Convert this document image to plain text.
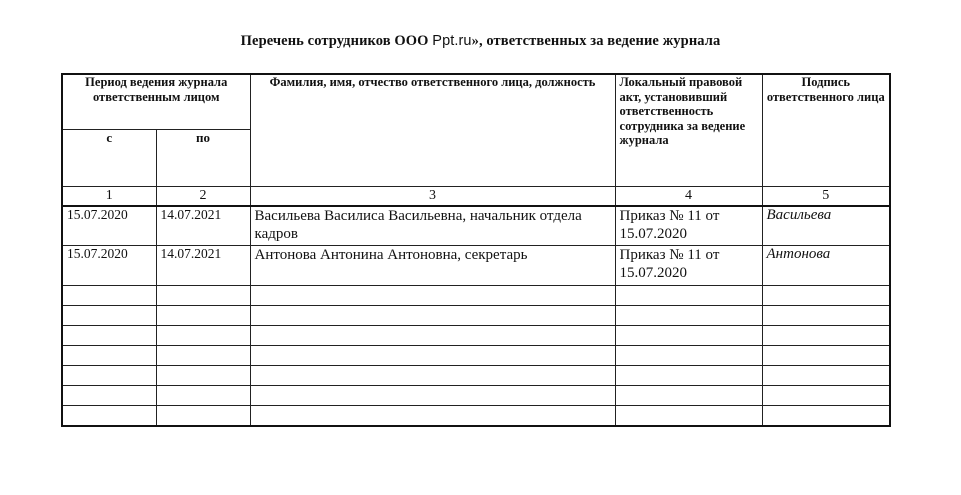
Перечень сотрудников ООО Ppt.ru», ответственных за ведение журнала
Период ведения журнала ответственным лицом		Фамилия, имя, отчество ответственного лица, должность	Локальный правовой акт, установивший ответственность сотрудника за ведение журнала	Подпись ответственного лица
с	по			
1	2	3	4	5
15.07.2020	14.07.2021	Васильева Василиса Васильевна, начальник отдела кадров	Приказ № 11 от 15.07.2020	Васильева
15.07.2020	14.07.2021	Антонова Антонина Антоновна, секретарь	Приказ № 11 от 15.07.2020	Антонова
